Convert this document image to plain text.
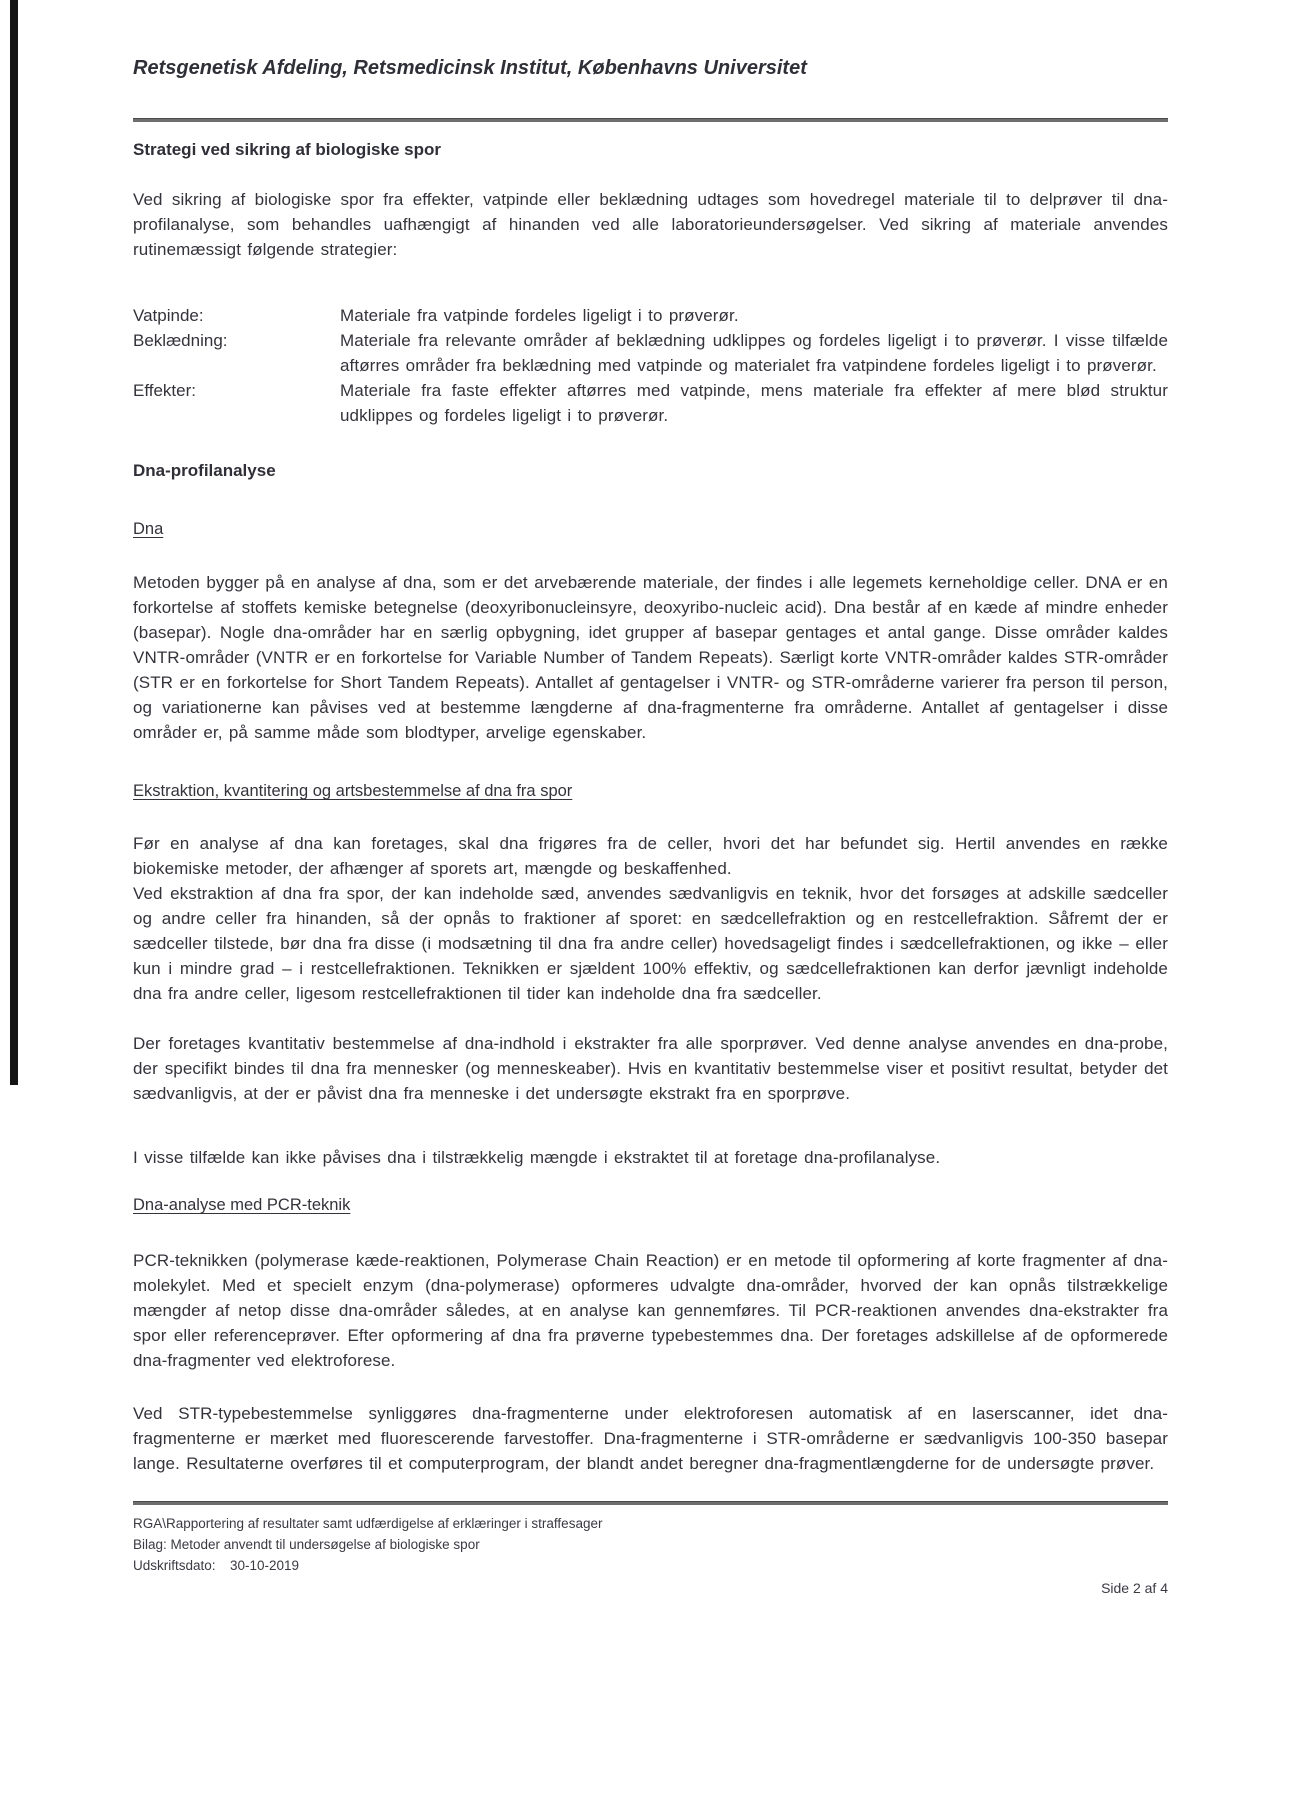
Retsgenetisk Afdeling, Retsmedicinsk Institut, Københavns Universitet
Strategi ved sikring af biologiske spor
Ved sikring af biologiske spor fra effekter, vatpinde eller beklædning udtages som hovedregel materiale til to delprøver til dna-profilanalyse, som behandles uafhængigt af hinanden ved alle laboratorieundersøgelser. Ved sikring af materiale anvendes rutinemæssigt følgende strategier:
Vatpinde:	Materiale fra vatpinde fordeles ligeligt i to prøverør.
Beklædning:	Materiale fra relevante områder af beklædning udklippes og fordeles ligeligt i to prøverør. I visse tilfælde aftørres områder fra beklædning med vatpinde og materialet fra vatpindene fordeles ligeligt i to prøverør.
Effekter:	Materiale fra faste effekter aftørres med vatpinde, mens materiale fra effekter af mere blød struktur udklippes og fordeles ligeligt i to prøverør.
Dna-profilanalyse
Dna
Metoden bygger på en analyse af dna, som er det arvebærende materiale, der findes i alle legemets kerneholdige celler. DNA er en forkortelse af stoffets kemiske betegnelse (deoxyribonucleinsyre, deoxyribo-nucleic acid). Dna består af en kæde af mindre enheder (basepar). Nogle dna-områder har en særlig opbygning, idet grupper af basepar gentages et antal gange. Disse områder kaldes VNTR-områder (VNTR er en forkortelse for Variable Number of Tandem Repeats). Særligt korte VNTR-områder kaldes STR-områder (STR er en forkortelse for Short Tandem Repeats). Antallet af gentagelser i VNTR- og STR-områderne varierer fra person til person, og variationerne kan påvises ved at bestemme længderne af dna-fragmenterne fra områderne. Antallet af gentagelser i disse områder er, på samme måde som blodtyper, arvelige egenskaber.
Ekstraktion, kvantitering og artsbestemmelse af dna fra spor
Før en analyse af dna kan foretages, skal dna frigøres fra de celler, hvori det har befundet sig. Hertil anvendes en række biokemiske metoder, der afhænger af sporets art, mængde og beskaffenhed.
Ved ekstraktion af dna fra spor, der kan indeholde sæd, anvendes sædvanligvis en teknik, hvor det forsøges at adskille sædceller og andre celler fra hinanden, så der opnås to fraktioner af sporet: en sædcellefraktion og en restcellefraktion. Såfremt der er sædceller tilstede, bør dna fra disse (i modsætning til dna fra andre celler) hovedsageligt findes i sædcellefraktionen, og ikke – eller kun i mindre grad – i restcellefraktionen. Teknikken er sjældent 100% effektiv, og sædcellefraktionen kan derfor jævnligt indeholde dna fra andre celler, ligesom restcellefraktionen til tider kan indeholde dna fra sædceller.
Der foretages kvantitativ bestemmelse af dna-indhold i ekstrakter fra alle sporprøver. Ved denne analyse anvendes en dna-probe, der specifikt bindes til dna fra mennesker (og menneskeaber). Hvis en kvantitativ bestemmelse viser et positivt resultat, betyder det sædvanligvis, at der er påvist dna fra menneske i det undersøgte ekstrakt fra en sporprøve.
I visse tilfælde kan ikke påvises dna i tilstrækkelig mængde i ekstraktet til at foretage dna-profilanalyse.
Dna-analyse med PCR-teknik
PCR-teknikken (polymerase kæde-reaktionen, Polymerase Chain Reaction) er en metode til opformering af korte fragmenter af dna-molekylet. Med et specielt enzym (dna-polymerase) opformeres udvalgte dna-områder, hvorved der kan opnås tilstrækkelige mængder af netop disse dna-områder således, at en analyse kan gennemføres. Til PCR-reaktionen anvendes dna-ekstrakter fra spor eller referenceprøver. Efter opformering af dna fra prøverne typebestemmes dna. Der foretages adskillelse af de opformerede dna-fragmenter ved elektroforese.
Ved STR-typebestemmelse synliggøres dna-fragmenterne under elektroforesen automatisk af en laserscanner, idet dna-fragmenterne er mærket med fluorescerende farvestoffer. Dna-fragmenterne i STR-områderne er sædvanligvis 100-350 basepar lange. Resultaterne overføres til et computerprogram, der blandt andet beregner dna-fragmentlængderne for de undersøgte prøver.
RGA\Rapportering af resultater samt udfærdigelse af erklæringer i straffesager
Bilag: Metoder anvendt til undersøgelse af biologiske spor
Udskriftsdato: 30-10-2019
Side 2 af 4
